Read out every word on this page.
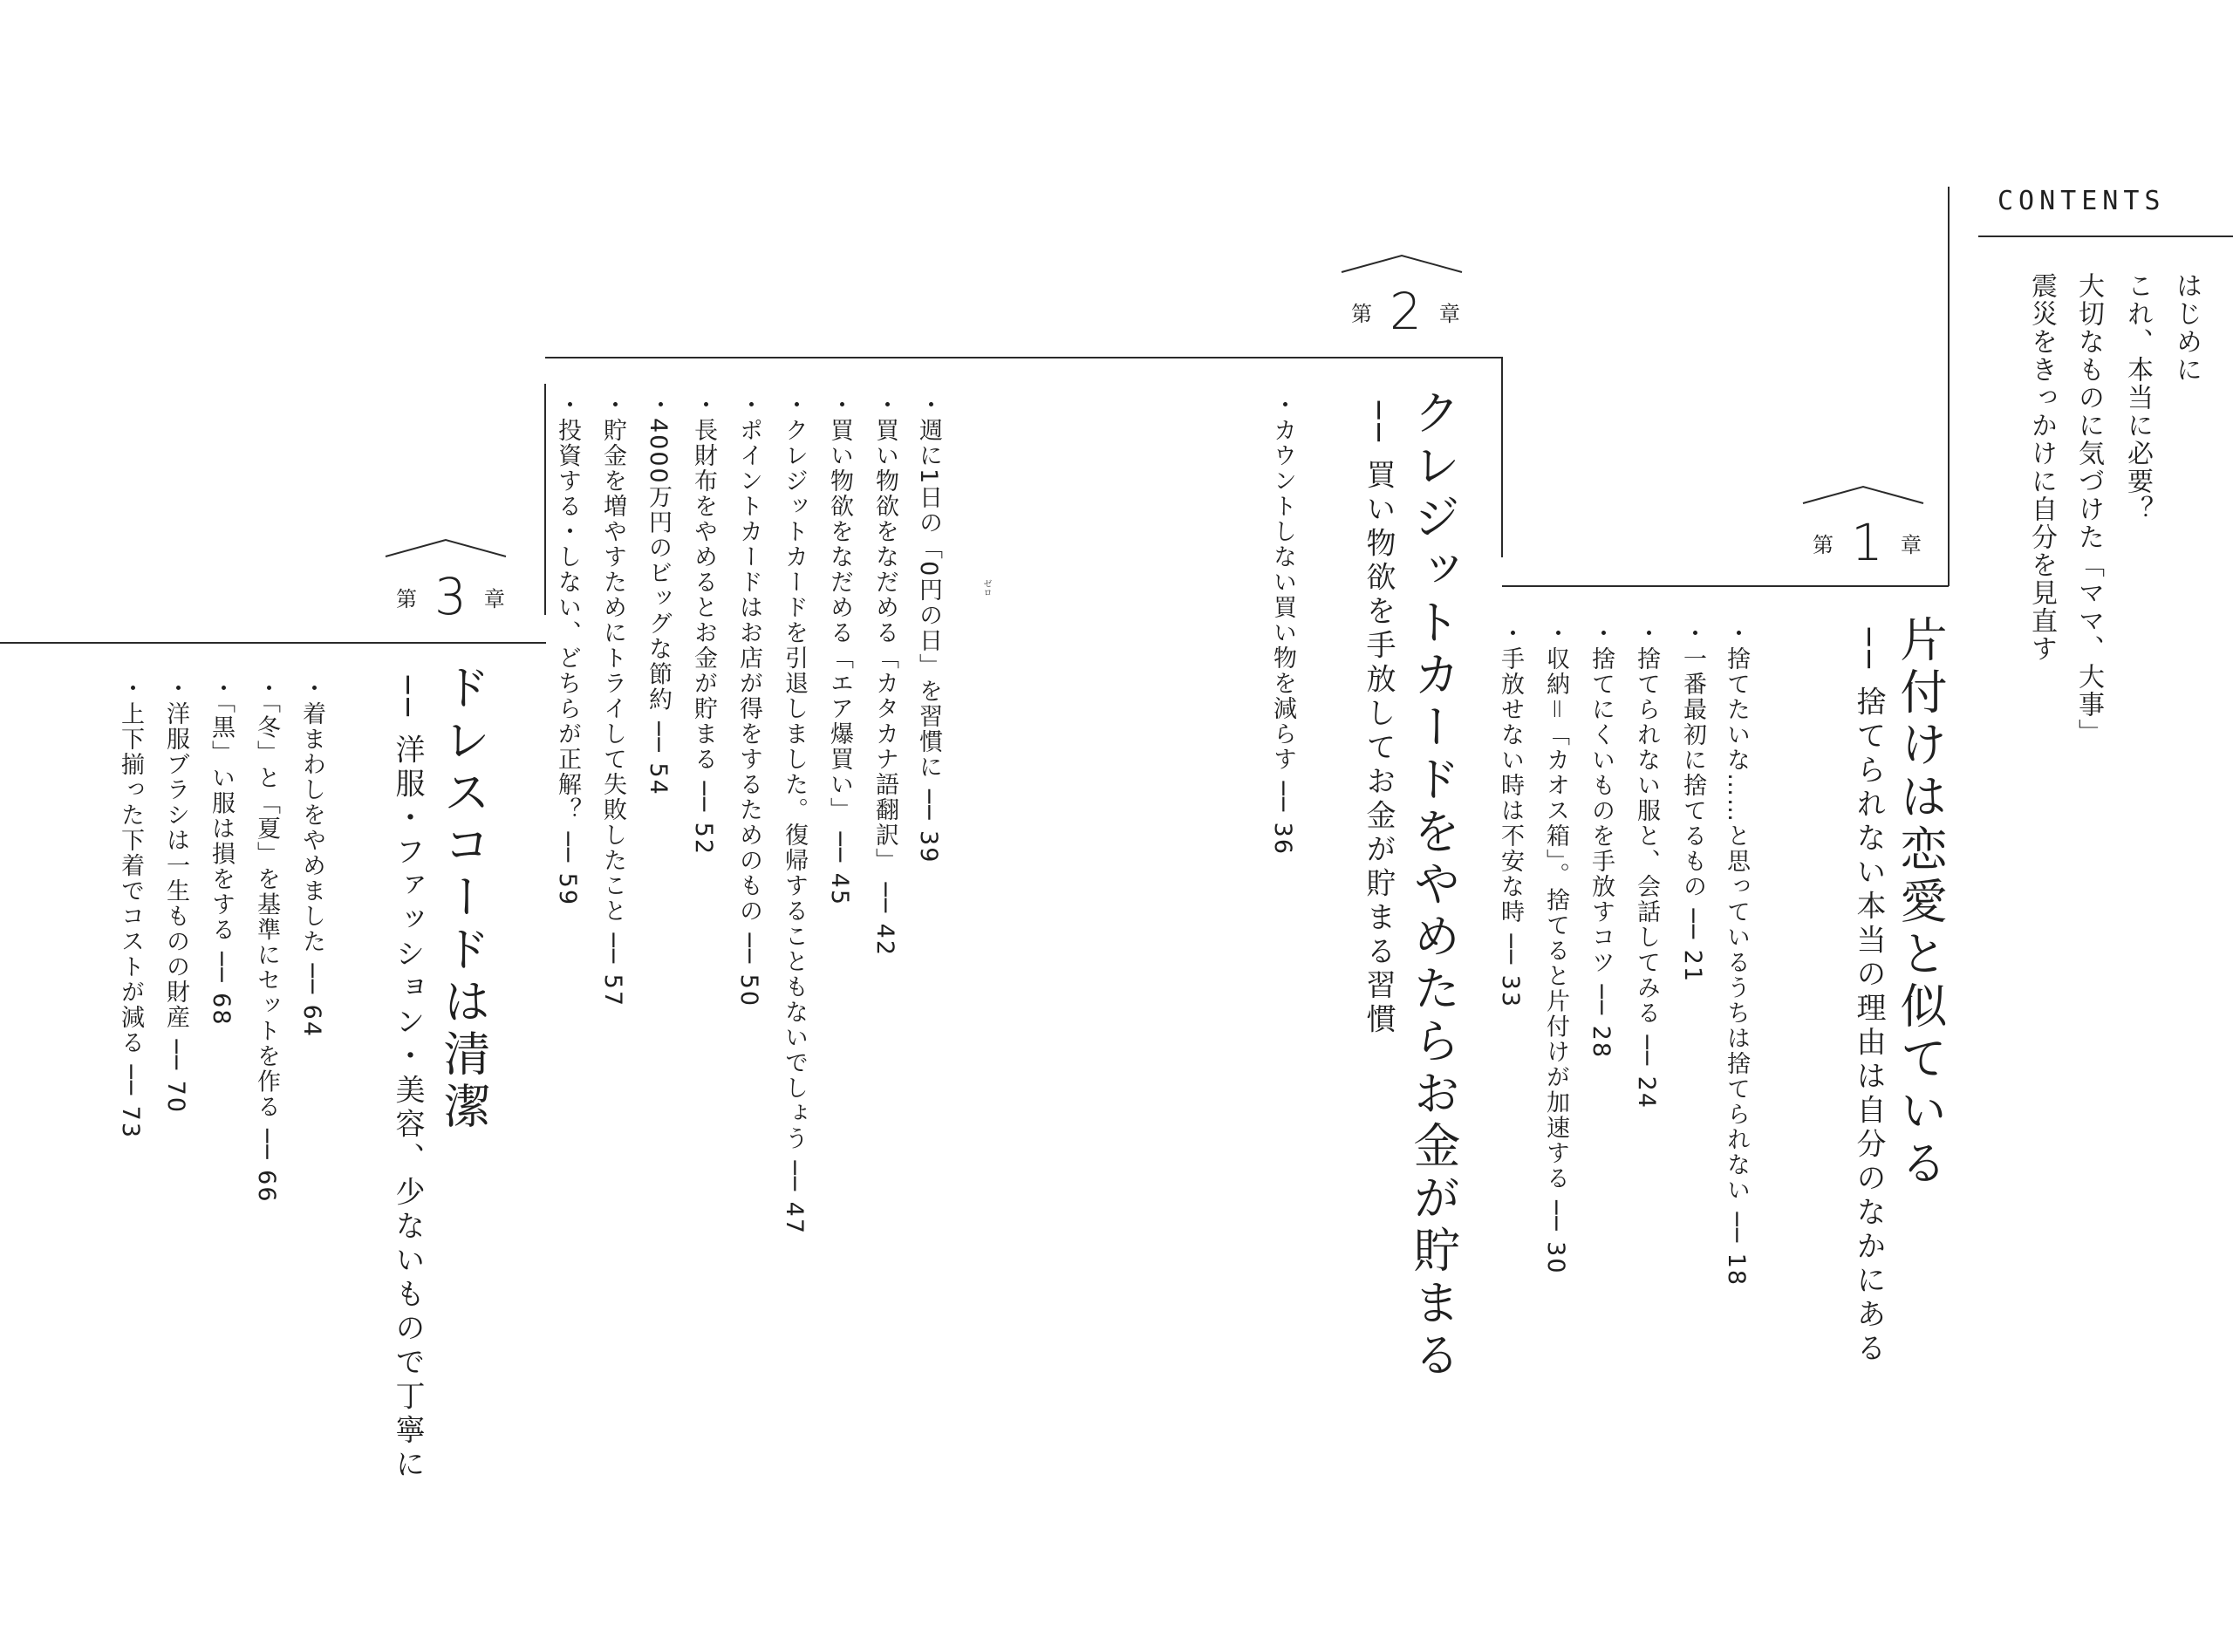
CONTENTS
はじめに
これ、本当に必要？
大切なものに気づけた「ママ、大事」
震災をきっかけに自分を見直す
第 1 章
片付けは恋愛と似ている
── 捨てられない本当の理由は自分のなかにある
・捨てたいな……と思っているうちは捨てられない ── 18
・一番最初に捨てるもの ── 21
・捨てられない服と、会話してみる ── 24
・捨てにくいものを手放すコツ ── 28
・収納＝「カオス箱」。捨てると片付けが加速する ── 30
・手放せない時は不安な時 ── 33
第 2 章
クレジットカードをやめたらお金が貯まる
── 買い物欲を手放してお金が貯まる習慣
・カウントしない買い物を減らす ── 36
・週に1日の「0円の日」を習慣に ── 39	ゼロ
・買い物欲をなだめる「カタカナ語翻訳」 ── 42
・買い物欲をなだめる「エア爆買い」 ── 45
・クレジットカードを引退しました。復帰することもないでしょう ── 47
・ポイントカードはお店が得をするためのもの ── 50
・長財布をやめるとお金が貯まる ── 52
・4000万円のビッグな節約 ── 54
・貯金を増やすためにトライして失敗したこと ── 57
・投資する・しない、どちらが正解？ ── 59
第 3 章
ドレスコードは清潔
── 洋服・ファッション・美容、少ないもので丁寧に
・着まわしをやめました ── 64
・「冬」と「夏」を基準にセットを作る ── 66
・「黒」い服は損をする ── 68
・洋服ブラシは一生ものの財産 ── 70
・上下揃った下着でコストが減る ── 73
